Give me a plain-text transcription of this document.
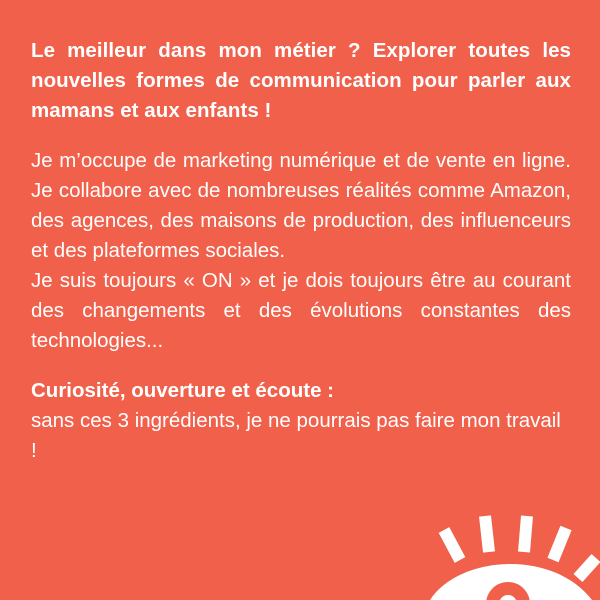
Le meilleur dans mon métier ? Explorer toutes les nouvelles formes de communication pour parler aux mamans et aux enfants !

Je m’occupe de marketing numérique et de vente en ligne. Je collabore avec de nombreuses réalités comme Amazon, des agences, des maisons de production, des influenceurs et des plateformes sociales.

Je suis toujours « ON » et je dois toujours être au courant des changements et des évolutions constantes des technologies...

Curiosité, ouverture et écoute :
sans ces 3 ingrédients, je ne pourrais pas faire mon travail !
